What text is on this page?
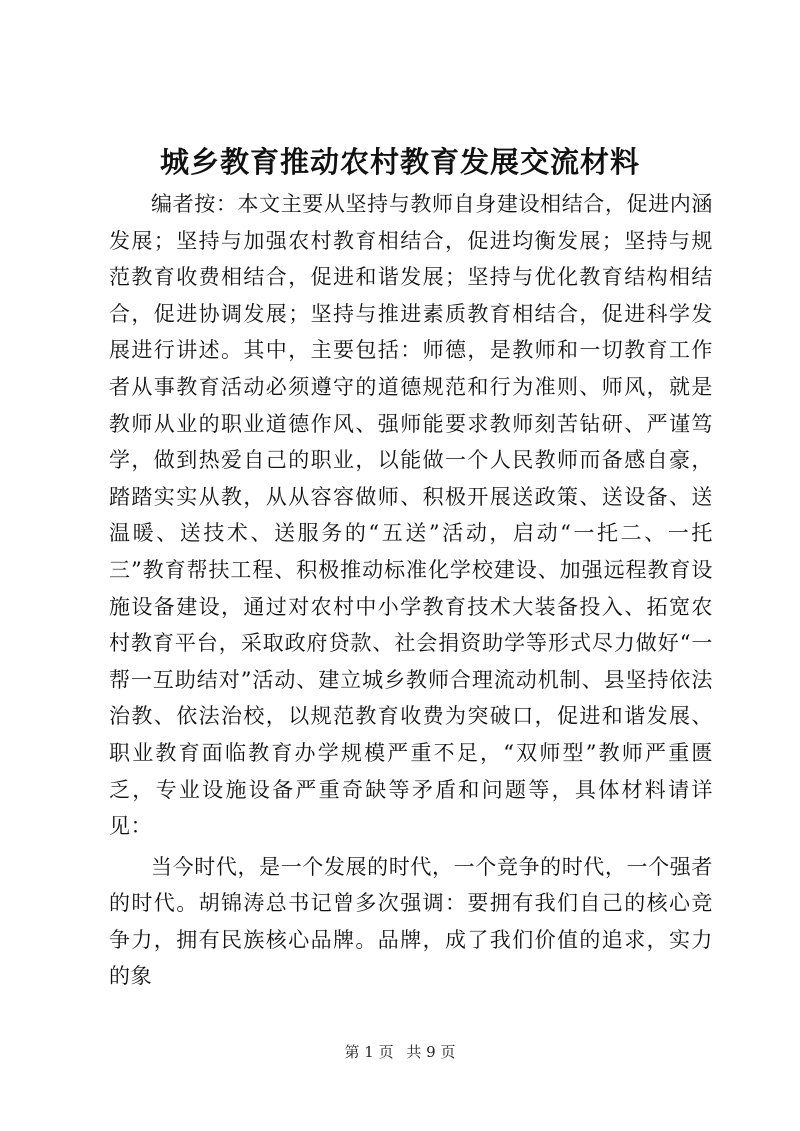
城乡教育推动农村教育发展交流材料

编者按：本文主要从坚持与教师自身建设相结合，促进内涵发展；坚持与加强农村教育相结合，促进均衡发展；坚持与规范教育收费相结合，促进和谐发展；坚持与优化教育结构相结合，促进协调发展；坚持与推进素质教育相结合，促进科学发展进行讲述。其中，主要包括：师德，是教师和一切教育工作者从事教育活动必须遵守的道德规范和行为准则、师风，就是教师从业的职业道德作风、强师能要求教师刻苦钻研、严谨笃学，做到热爱自己的职业，以能做一个人民教师而备感自豪，踏踏实实从教，从从容容做师、积极开展送政策、送设备、送温暖、送技术、送服务的“五送”活动，启动“一托二、一托三”教育帮扶工程、积极推动标准化学校建设、加强远程教育设施设备建设，通过对农村中小学教育技术大装备投入、拓宽农村教育平台，采取政府贷款、社会捐资助学等形式尽力做好“一帮一互助结对”活动、建立城乡教师合理流动机制、县坚持依法治教、依法治校，以规范教育收费为突破口，促进和谐发展、职业教育面临教育办学规模严重不足，“双师型”教师严重匮乏，专业设施设备严重奇缺等矛盾和问题等，具体材料请详见：

当今时代，是一个发展的时代，一个竞争的时代，一个强者的时代。胡锦涛总书记曾多次强调：要拥有我们自己的核心竞争力，拥有民族核心品牌。品牌，成了我们价值的追求，实力的象

第 1 页 共 9 页
